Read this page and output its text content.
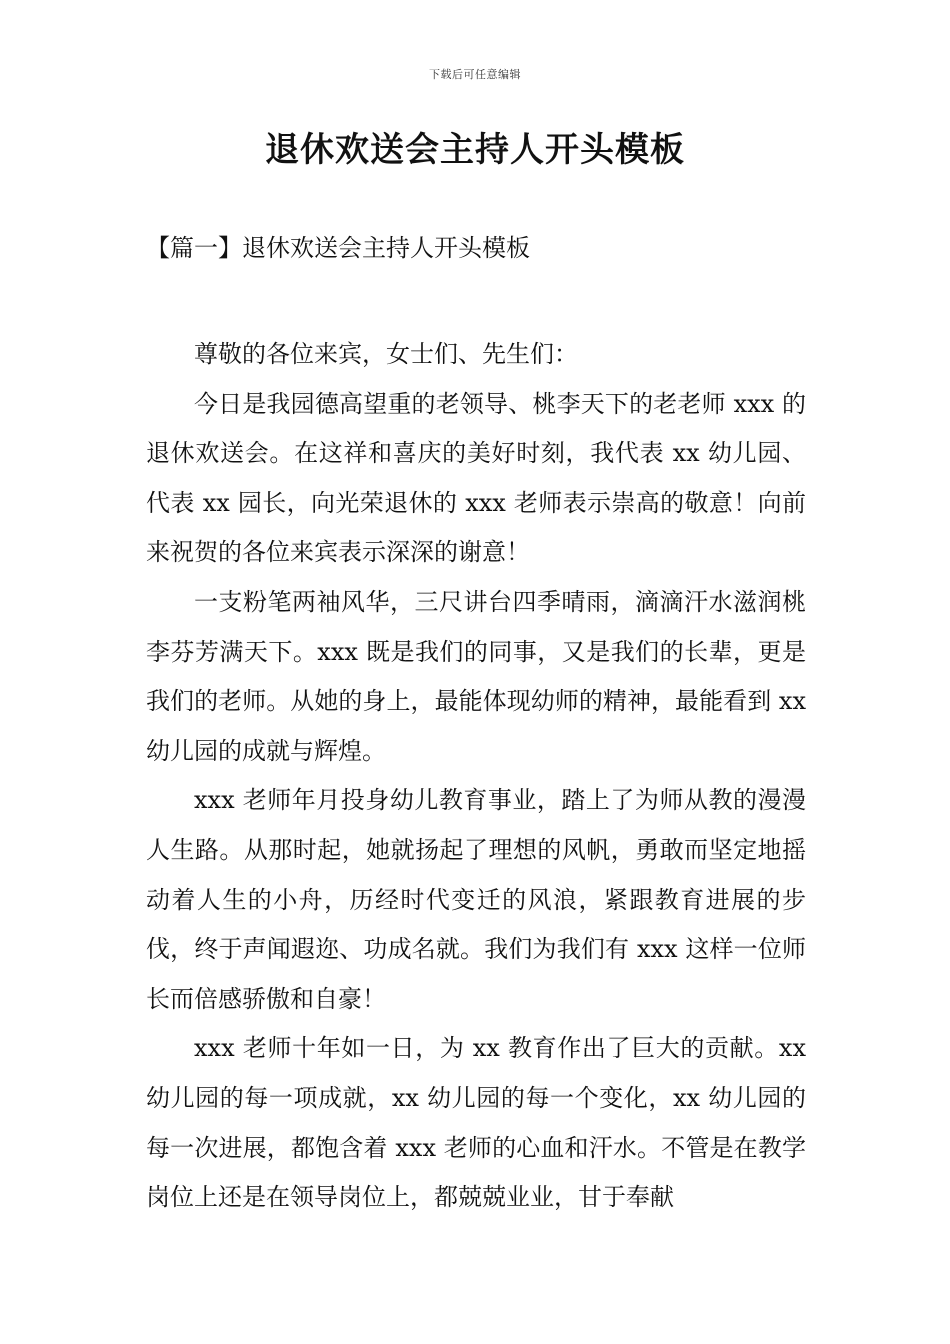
下载后可任意编辑
退休欢送会主持人开头模板
【篇一】退休欢送会主持人开头模板

尊敬的各位来宾，女士们、先生们：

今日是我园德高望重的老领导、桃李天下的老老师 xxx 的退休欢送会。在这祥和喜庆的美好时刻，我代表 xx 幼儿园、代表 xx 园长，向光荣退休的 xxx 老师表示崇高的敬意！向前来祝贺的各位来宾表示深深的谢意！

一支粉笔两袖风华，三尺讲台四季晴雨，滴滴汗水滋润桃李芬芳满天下。xxx 既是我们的同事，又是我们的长辈，更是我们的老师。从她的身上，最能体现幼师的精神，最能看到 xx 幼儿园的成就与辉煌。

xxx 老师年月投身幼儿教育事业，踏上了为师从教的漫漫人生路。从那时起，她就扬起了理想的风帆，勇敢而坚定地摇动着人生的小舟，历经时代变迁的风浪，紧跟教育进展的步伐，终于声闻遐迩、功成名就。我们为我们有 xxx 这样一位师长而倍感骄傲和自豪！

xxx 老师十年如一日，为 xx 教育作出了巨大的贡献。xx 幼儿园的每一项成就，xx 幼儿园的每一个变化，xx 幼儿园的每一次进展，都饱含着 xxx 老师的心血和汗水。不管是在教学岗位上还是在领导岗位上，都兢兢业业，甘于奉献
